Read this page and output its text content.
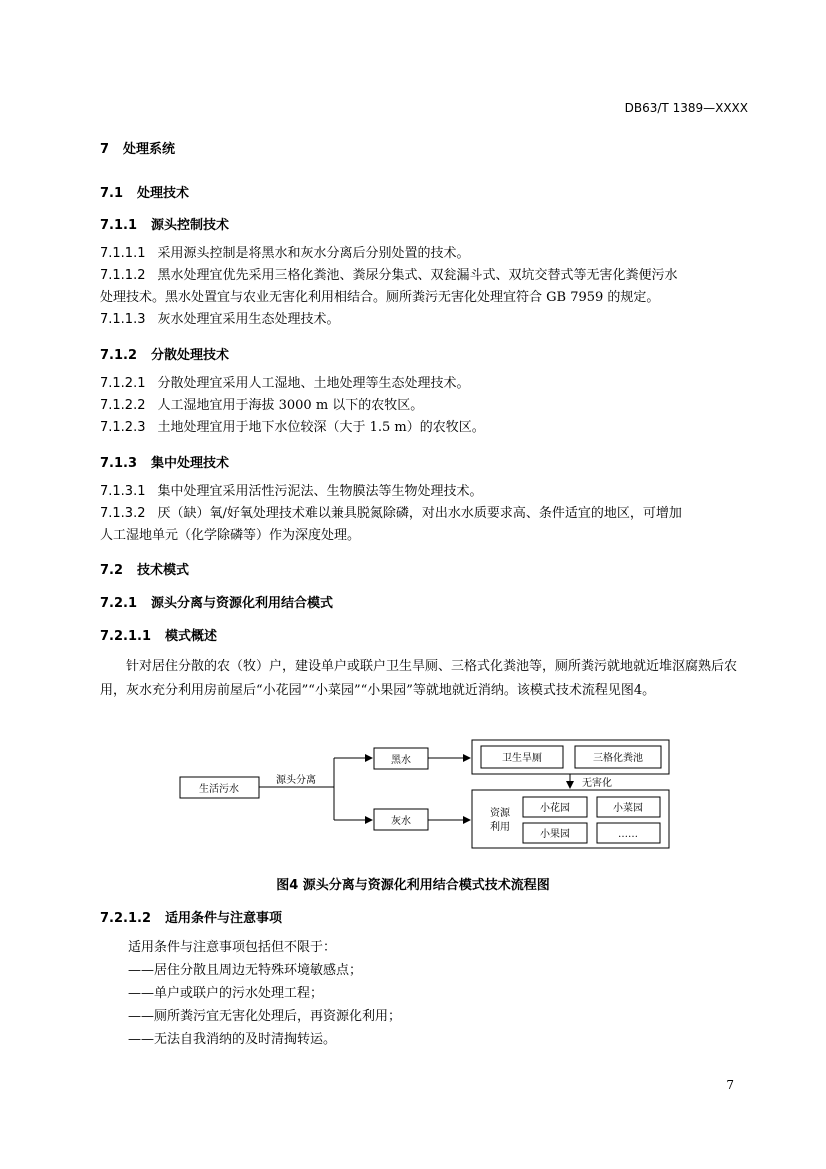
DB63/T 1389—XXXX
7 处理系统
7.1 处理技术
7.1.1 源头控制技术
7.1.1.1 采用源头控制是将黑水和灰水分离后分别处置的技术。
7.1.1.2 黑水处理宜优先采用三格化粪池、粪尿分集式、双瓮漏斗式、双坑交替式等无害化粪便污水
处理技术。黑水处置宜与农业无害化利用相结合。厕所粪污无害化处理宜符合 GB 7959 的规定。
7.1.1.3 灰水处理宜采用生态处理技术。
7.1.2 分散处理技术
7.1.2.1 分散处理宜采用人工湿地、土地处理等生态处理技术。
7.1.2.2 人工湿地宜用于海拔 3000 m 以下的农牧区。
7.1.2.3 土地处理宜用于地下水位较深（大于 1.5 m）的农牧区。
7.1.3 集中处理技术
7.1.3.1 集中处理宜采用活性污泥法、生物膜法等生物处理技术。
7.1.3.2 厌（缺）氧/好氧处理技术难以兼具脱氮除磷，对出水水质要求高、条件适宜的地区，可增加
人工湿地单元（化学除磷等）作为深度处理。
7.2 技术模式
7.2.1 源头分离与资源化利用结合模式
7.2.1.1 模式概述
针对居住分散的农（牧）户，建设单户或联户卫生旱厕、三格式化粪池等，厕所粪污就地就近堆沤腐熟后农用，灰水充分利用房前屋后“小花园”“小菜园”“小果园”等就地就近消纳。该模式技术流程见图4。
生活污水
源头分离
黑水
灰水
卫生旱厕	三格化粪池
无害化
资源
利用
小花园	小菜园
小果园	……
图4 源头分离与资源化利用结合模式技术流程图
7.2.1.2 适用条件与注意事项
适用条件与注意事项包括但不限于：
——居住分散且周边无特殊环境敏感点；
——单户或联户的污水处理工程；
——厕所粪污宜无害化处理后，再资源化利用；
——无法自我消纳的及时清掏转运。
7
